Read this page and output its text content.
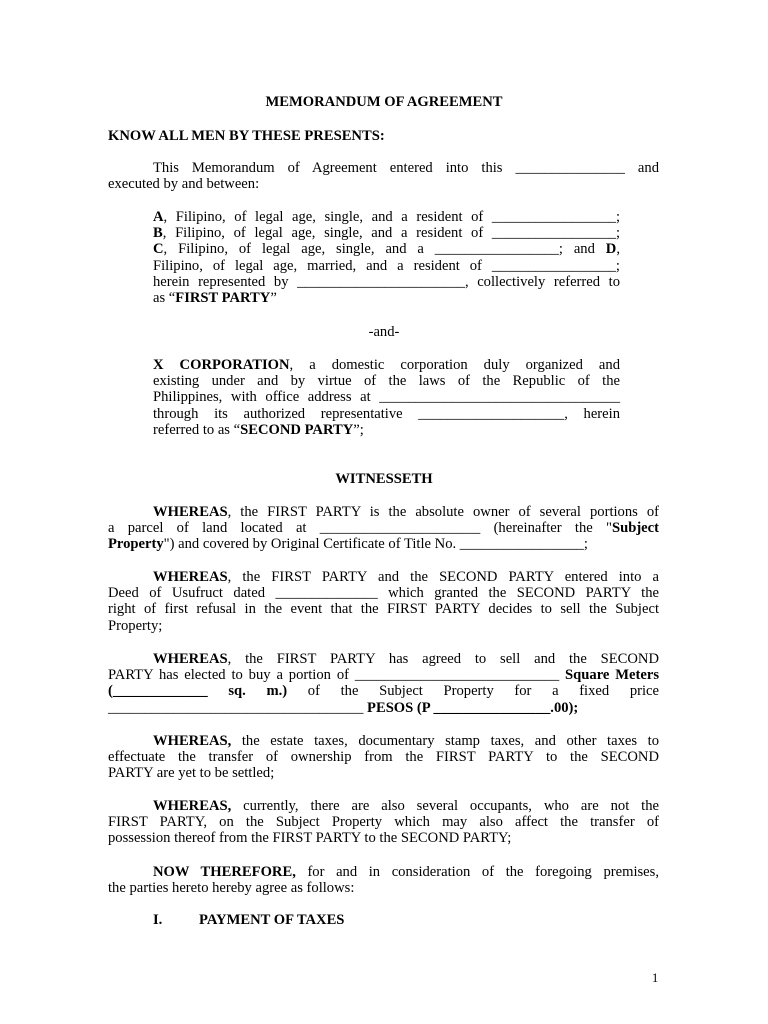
MEMORANDUM OF AGREEMENT
KNOW ALL MEN BY THESE PRESENTS:
This Memorandum of Agreement entered into this _______________ and
executed by and between:
A, Filipino, of legal age, single, and a resident of _________________;
B, Filipino, of legal age, single, and a resident of _________________;
C, Filipino, of legal age, single, and a _________________; and D,
Filipino, of legal age, married, and a resident of _________________;
herein represented by _______________________, collectively referred to
as “FIRST PARTY”
-and-
X CORPORATION, a domestic corporation duly organized and
existing under and by virtue of the laws of the Republic of the
Philippines, with office address at _________________________________
through its authorized representative ____________________, herein
referred to as “SECOND PARTY”;
WITNESSETH
WHEREAS, the FIRST PARTY is the absolute owner of several portions of
a parcel of land located at ______________________ (hereinafter the "Subject
Property") and covered by Original Certificate of Title No. _________________;
WHEREAS, the FIRST PARTY and the SECOND PARTY entered into a
Deed of Usufruct dated ______________ which granted the SECOND PARTY the
right of first refusal in the event that the FIRST PARTY decides to sell the Subject
Property;
WHEREAS, the FIRST PARTY has agreed to sell and the SECOND
PARTY has elected to buy a portion of ____________________________ Square Meters
(_____________ sq. m.) of the Subject Property for a fixed price
___________________________________ PESOS (P ________________.00);
WHEREAS, the estate taxes, documentary stamp taxes, and other taxes to
effectuate the transfer of ownership from the FIRST PARTY to the SECOND
PARTY are yet to be settled;
WHEREAS, currently, there are also several occupants, who are not the
FIRST PARTY, on the Subject Property which may also affect the transfer of
possession thereof from the FIRST PARTY to the SECOND PARTY;
NOW THEREFORE, for and in consideration of the foregoing premises,
the parties hereto hereby agree as follows:
I.	PAYMENT OF TAXES
1
